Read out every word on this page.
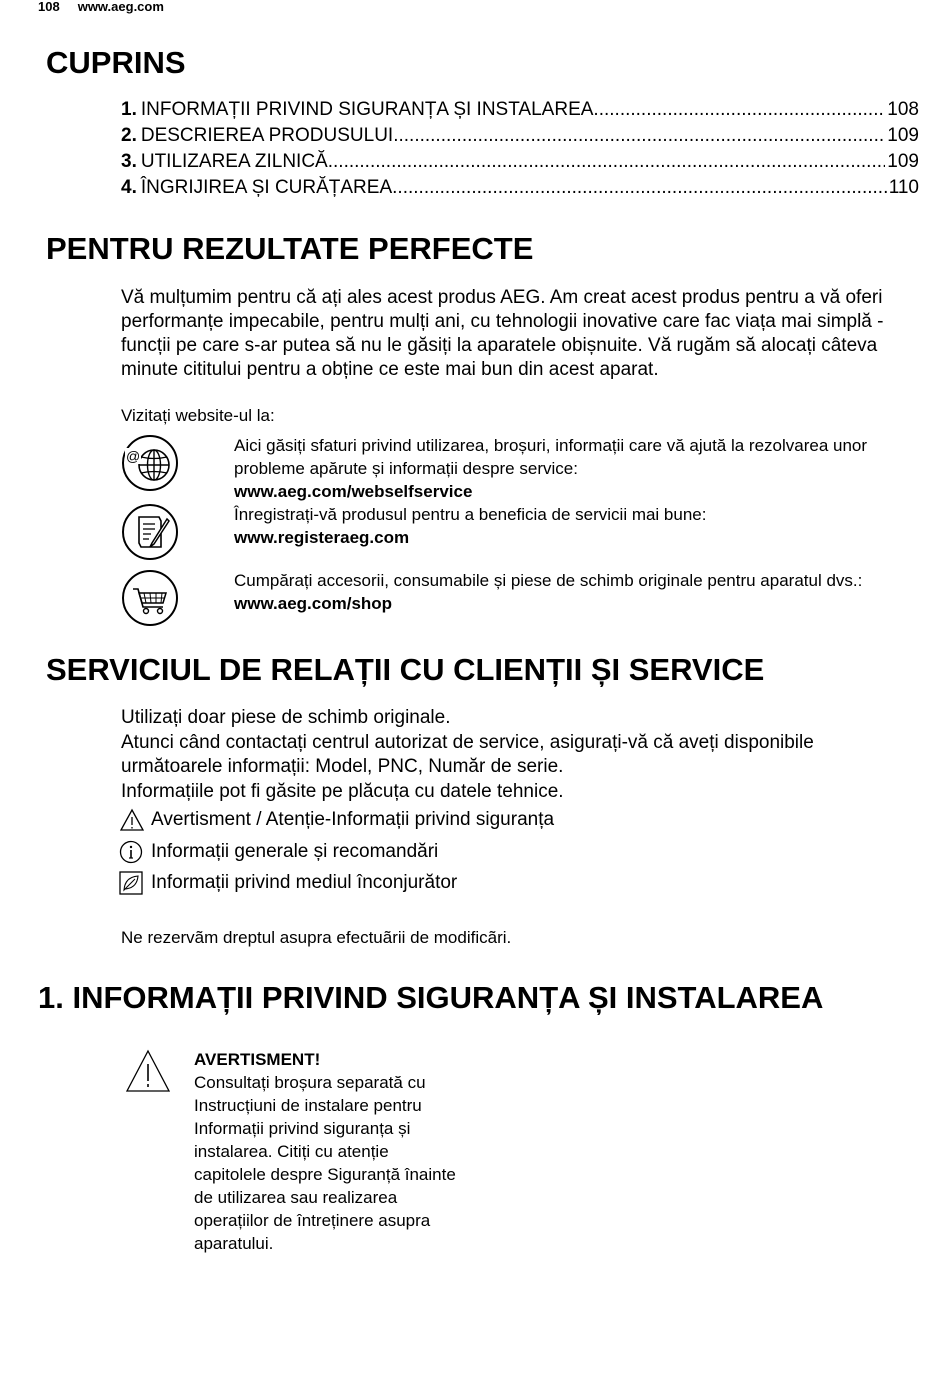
108 www.aeg.com
CUPRINS
1. INFORMAȚII PRIVIND SIGURANȚA ȘI INSTALAREA .....	108
2. DESCRIEREA PRODUSULUI .....	109
3. UTILIZAREA ZILNICĂ .....	109
4. ÎNGRIJIREA ȘI CURĂȚAREA .....	110
PENTRU REZULTATE PERFECTE

Vă mulțumim pentru că ați ales acest produs AEG. Am creat acest produs pentru a vă oferi performanțe impecabile, pentru mulți ani, cu tehnologii inovative care fac viața mai simplă - funcții pe care s-ar putea să nu le găsiți la aparatele obișnuite. Vă rugăm să alocați câteva minute cititului pentru a obține ce este mai bun din acest aparat.

Vizitați website-ul la:
@
Aici găsiți sfaturi privind utilizarea, broșuri, informații care vă ajută la rezolvarea unor probleme apărute și informații despre service:
www.aeg.com/webselfservice
Înregistrați-vă produsul pentru a beneficia de servicii mai bune:
www.registeraeg.com
Cumpărați accesorii, consumabile și piese de schimb originale pentru aparatul dvs.:
www.aeg.com/shop
SERVICIUL DE RELAȚII CU CLIENȚII ȘI SERVICE

Utilizați doar piese de schimb originale.

Atunci când contactați centrul autorizat de service, asigurați-vă că aveți disponibile următoarele informații: Model, PNC, Număr de serie.

Informațiile pot fi găsite pe plăcuța cu datele tehnice.

Avertisment / Atenție-Informații privind siguranța
Informații generale și recomandări
Informații privind mediul înconjurător
Ne rezervãm dreptul asupra efectuãrii de modificãri.
1. INFORMAȚII PRIVIND SIGURANȚA ȘI INSTALAREA
AVERTISMENT!
Consultați broșura separată cu Instrucțiuni de instalare pentru Informații privind siguranța și instalarea. Citiți cu atenție capitolele despre Siguranță înainte de utilizarea sau realizarea operațiilor de întreținere asupra aparatului.
